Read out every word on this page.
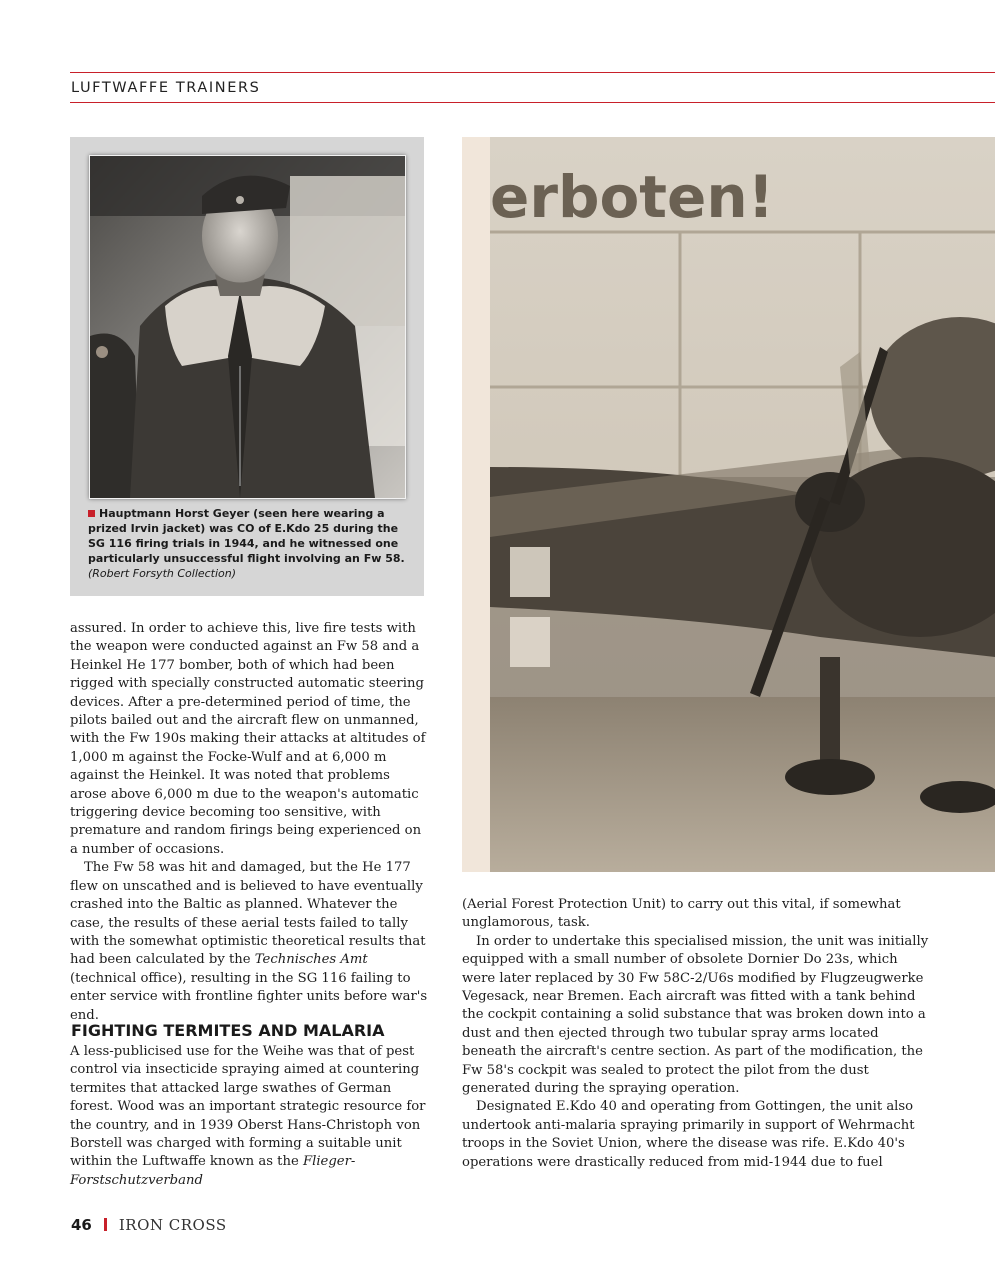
LUFTWAFFE TRAINERS
Hauptmann Horst Geyer (seen here wearing a prized Irvin jacket) was CO of E.Kdo 25 during the SG 116 firing trials in 1944, and he witnessed one particularly unsuccessful flight involving an Fw 58. (Robert Forsyth Collection)
erboten!

assured. In order to achieve this, live fire tests with the weapon were conducted against an Fw 58 and a Heinkel He 177 bomber, both of which had been rigged with specially constructed automatic steering devices. After a pre-determined period of time, the pilots bailed out and the aircraft flew on unmanned, with the Fw 190s making their attacks at altitudes of 1,000 m against the Focke-Wulf and at 6,000 m against the Heinkel. It was noted that problems arose above 6,000 m due to the weapon's automatic triggering device becoming too sensitive, with premature and random firings being experienced on a number of occasions.

The Fw 58 was hit and damaged, but the He 177 flew on unscathed and is believed to have eventually crashed into the Baltic as planned. Whatever the case, the results of these aerial tests failed to tally with the somewhat optimistic theoretical results that had been calculated by the Technisches Amt (technical office), resulting in the SG 116 failing to enter service with frontline fighter units before war's end.

FIGHTING TERMITES AND MALARIA

A less-publicised use for the Weihe was that of pest control via insecticide spraying aimed at countering termites that attacked large swathes of German forest. Wood was an important strategic resource for the country, and in 1939 Oberst Hans-Christoph von Borstell was charged with forming a suitable unit within the Luftwaffe known as the Flieger-Forstschutzverband

(Aerial Forest Protection Unit) to carry out this vital, if somewhat unglamorous, task.

In order to undertake this specialised mission, the unit was initially equipped with a small number of obsolete Dornier Do 23s, which were later replaced by 30 Fw 58C-2/U6s modified by Flugzeugwerke Vegesack, near Bremen. Each aircraft was fitted with a tank behind the cockpit containing a solid substance that was broken down into a dust and then ejected through two tubular spray arms located beneath the aircraft's centre section. As part of the modification, the Fw 58's cockpit was sealed to protect the pilot from the dust generated during the spraying operation.

Designated E.Kdo 40 and operating from Gottingen, the unit also undertook anti-malaria spraying primarily in support of Wehrmacht troops in the Soviet Union, where the disease was rife. E.Kdo 40's operations were drastically reduced from mid-1944 due to fuel

46 IRON CROSS
